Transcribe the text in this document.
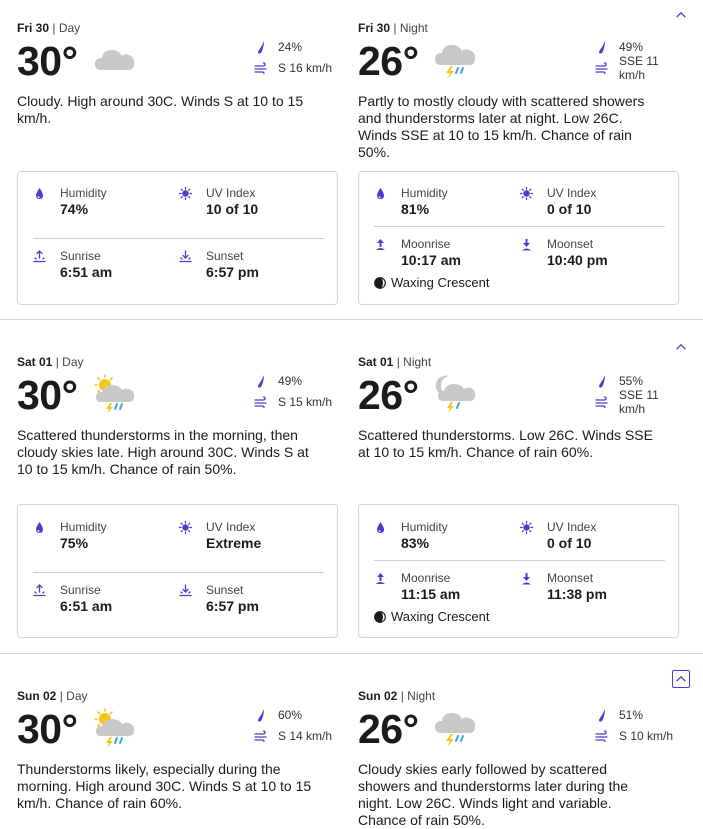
Fri 30 | Day
30°	24%
S 16 km/h

Cloudy. High around 30C. Winds S at 10 to 15 km/h.

Humidity
74%
UV Index
10 of 10
Sunrise
6:51 am
Sunset
6:57 pm
Fri 30 | Night
26°	49%
SSE 11 km/h

Partly to mostly cloudy with scattered showers and thunderstorms later at night. Low 26C. Winds SSE at 10 to 15 km/h. Chance of rain 50%.

Humidity
81%
UV Index
0 of 10
Moonrise
10:17 am
Moonset
10:40 pm
Waxing Crescent
Sat 01 | Day
30°	49%
S 15 km/h

Scattered thunderstorms in the morning, then cloudy skies late. High around 30C. Winds S at 10 to 15 km/h. Chance of rain 50%.

Humidity
75%
UV Index
Extreme
Sunrise
6:51 am
Sunset
6:57 pm
Sat 01 | Night
26°	55%
SSE 11 km/h

Scattered thunderstorms. Low 26C. Winds SSE at 10 to 15 km/h. Chance of rain 60%.

Humidity
83%
UV Index
0 of 10
Moonrise
11:15 am
Moonset
11:38 pm
Waxing Crescent
Sun 02 | Day
30°	60%
S 14 km/h

Thunderstorms likely, especially during the morning. High around 30C. Winds S at 10 to 15 km/h. Chance of rain 60%.

Sun 02 | Night
26°	51%
S 10 km/h

Cloudy skies early followed by scattered showers and thunderstorms later during the night. Low 26C. Winds light and variable. Chance of rain 50%.
